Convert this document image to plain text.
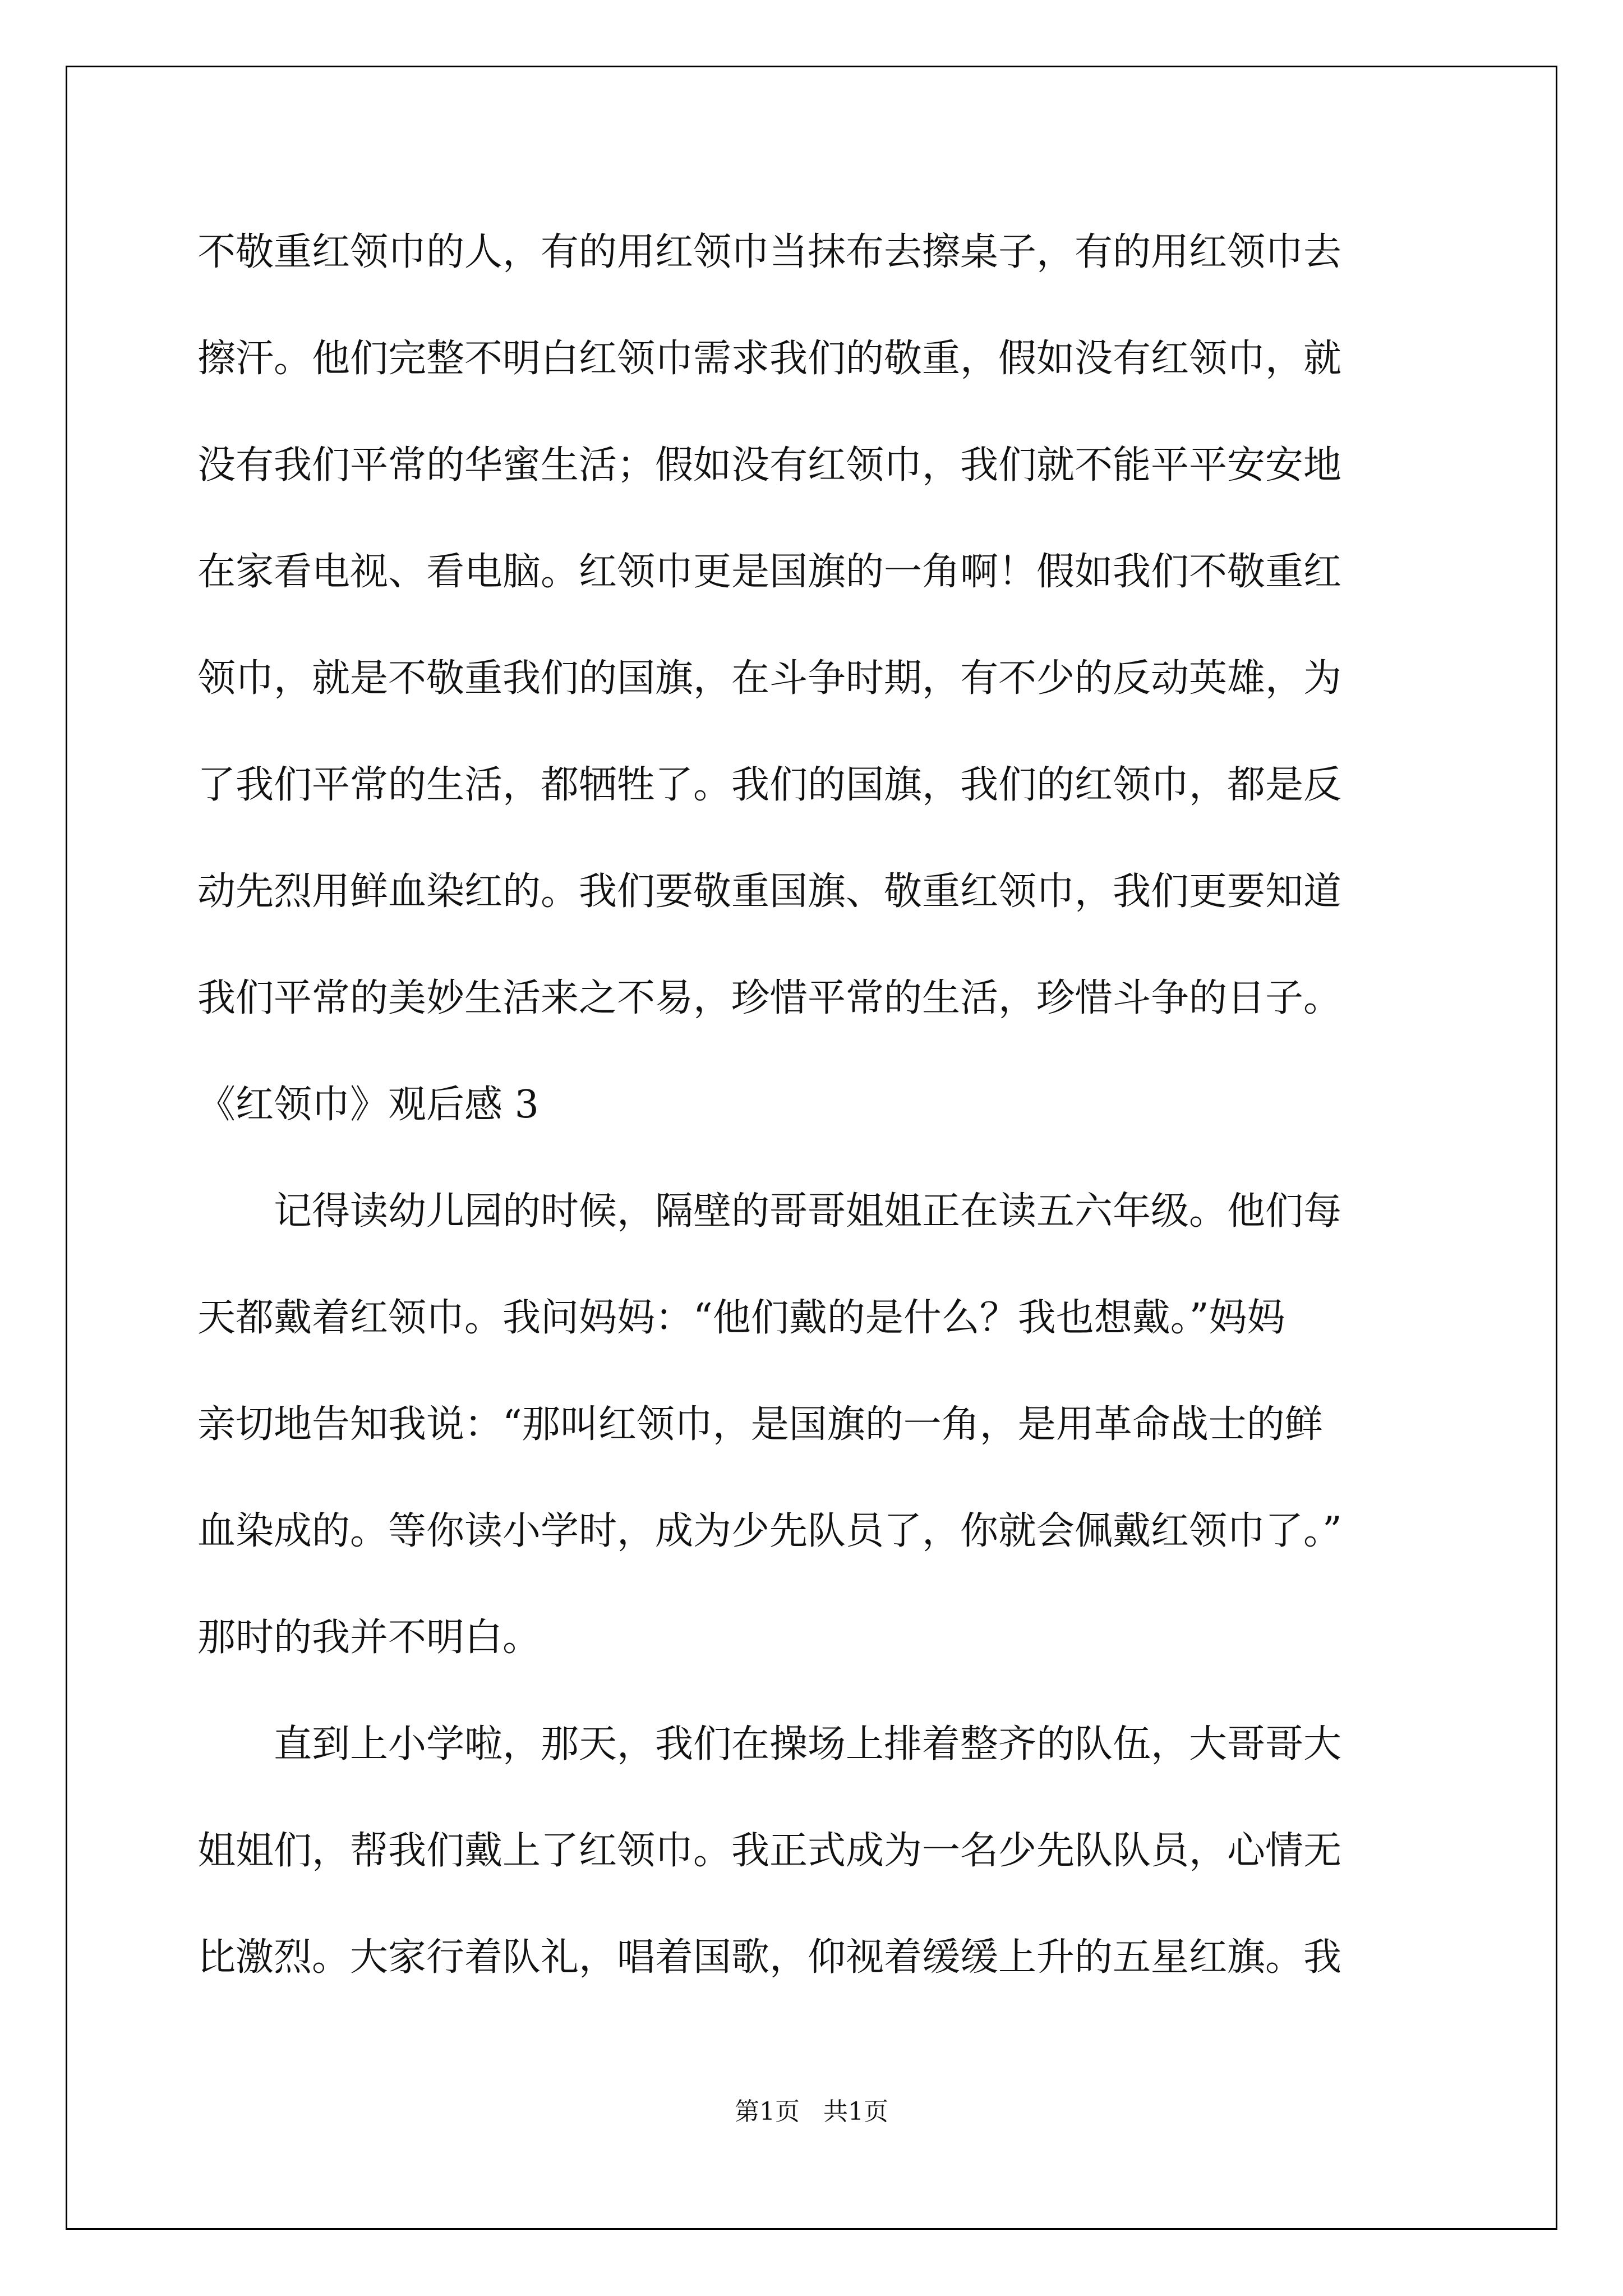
不敬重红领巾的人，有的用红领巾当抹布去擦桌子，有的用红领巾去
擦汗。他们完整不明白红领巾需求我们的敬重，假如没有红领巾，就
没有我们平常的华蜜生活；假如没有红领巾，我们就不能平平安安地
在家看电视、看电脑。红领巾更是国旗的一角啊！假如我们不敬重红
领巾，就是不敬重我们的国旗，在斗争时期，有不少的反动英雄，为
了我们平常的生活，都牺牲了。我们的国旗，我们的红领巾，都是反
动先烈用鲜血染红的。我们要敬重国旗、敬重红领巾，我们更要知道
我们平常的美妙生活来之不易，珍惜平常的生活，珍惜斗争的日子。
《红领巾》观后感 3
记得读幼儿园的时候，隔壁的哥哥姐姐正在读五六年级。他们每
天都戴着红领巾。我问妈妈：“他们戴的是什么？我也想戴。”妈妈
亲切地告知我说：“那叫红领巾，是国旗的一角，是用革命战士的鲜
血染成的。等你读小学时，成为少先队员了，你就会佩戴红领巾了。”
那时的我并不明白。
直到上小学啦，那天，我们在操场上排着整齐的队伍，大哥哥大
姐姐们，帮我们戴上了红领巾。我正式成为一名少先队队员，心情无
比激烈。大家行着队礼，唱着国歌，仰视着缓缓上升的五星红旗。我
第1页   共1页
